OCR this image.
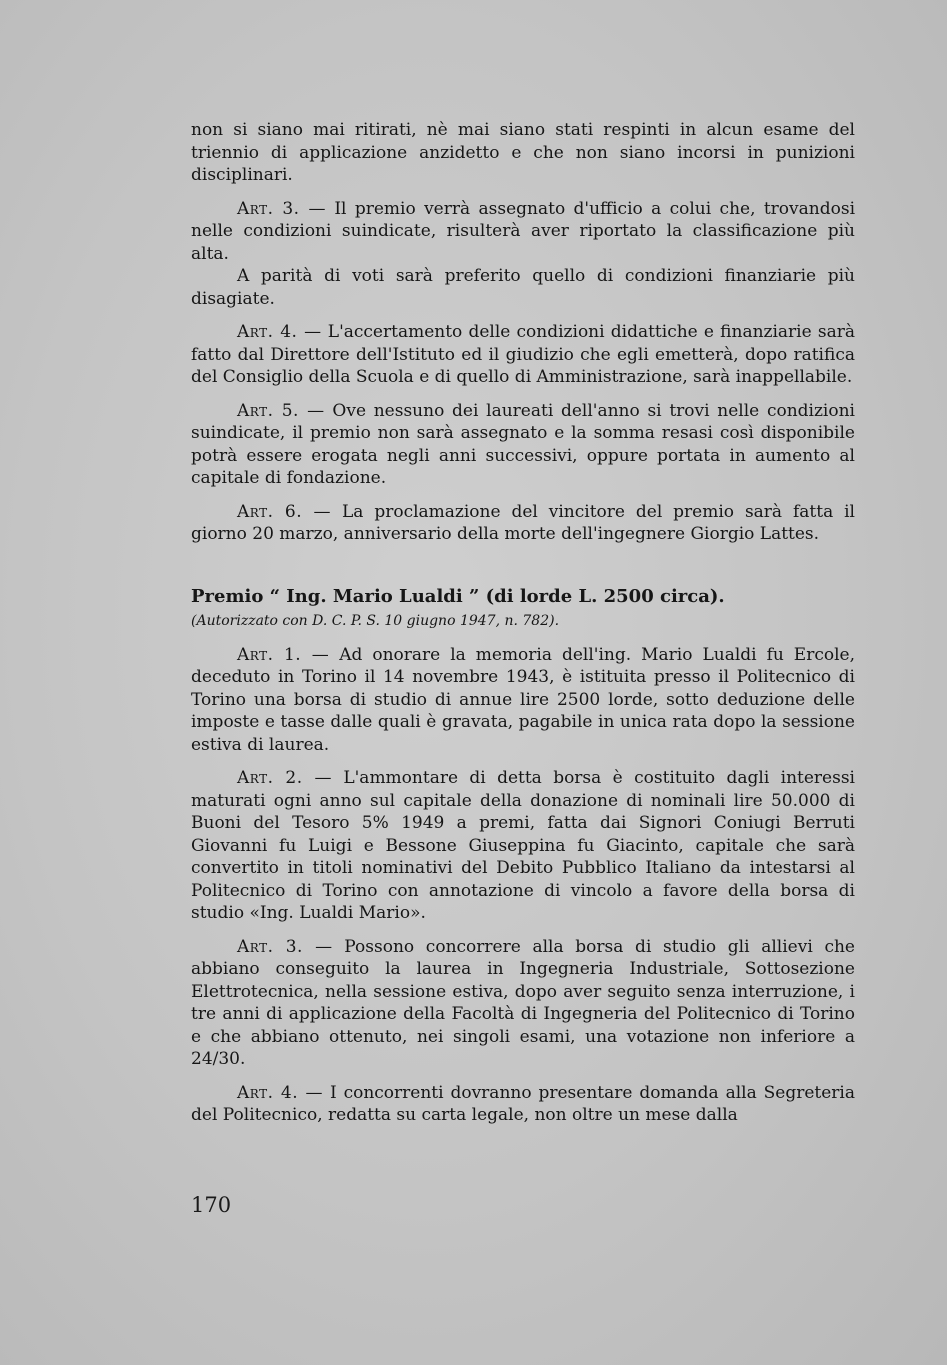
non si siano mai ritirati, nè mai siano stati respinti in alcun esame del triennio di applicazione anzidetto e che non siano incorsi in punizioni disciplinari.

Art. 3. — Il premio verrà assegnato d'ufficio a colui che, trovandosi nelle condizioni suindicate, risulterà aver riportato la classificazione più alta.

A parità di voti sarà preferito quello di condizioni finanziarie più disagiate.

Art. 4. — L'accertamento delle condizioni didattiche e finanziarie sarà fatto dal Direttore dell'Istituto ed il giudizio che egli emetterà, dopo ratifica del Consiglio della Scuola e di quello di Amministrazione, sarà inappellabile.

Art. 5. — Ove nessuno dei laureati dell'anno si trovi nelle condizioni suindicate, il premio non sarà assegnato e la somma resasi così disponibile potrà essere erogata negli anni successivi, oppure portata in aumento al capitale di fondazione.

Art. 6. — La proclamazione del vincitore del premio sarà fatta il giorno 20 marzo, anniversario della morte dell'ingegnere Giorgio Lattes.

Premio “ Ing. Mario Lualdi ” (di lorde L. 2500 circa).

(Autorizzato con D. C. P. S. 10 giugno 1947, n. 782).

Art. 1. — Ad onorare la memoria dell'ing. Mario Lualdi fu Ercole, deceduto in Torino il 14 novembre 1943, è istituita presso il Politecnico di Torino una borsa di studio di annue lire 2500 lorde, sotto deduzione delle imposte e tasse dalle quali è gravata, pagabile in unica rata dopo la sessione estiva di laurea.

Art. 2. — L'ammontare di detta borsa è costituito dagli interessi maturati ogni anno sul capitale della donazione di nominali lire 50.000 di Buoni del Tesoro 5% 1949 a premi, fatta dai Signori Coniugi Berruti Giovanni fu Luigi e Bessone Giuseppina fu Giacinto, capitale che sarà convertito in titoli nominativi del Debito Pubblico Italiano da intestarsi al Politecnico di Torino con annotazione di vincolo a favore della borsa di studio «Ing. Lualdi Mario».

Art. 3. — Possono concorrere alla borsa di studio gli allievi che abbiano conseguito la laurea in Ingegneria Industriale, Sottosezione Elettrotecnica, nella sessione estiva, dopo aver seguito senza interruzione, i tre anni di applicazione della Facoltà di Ingegneria del Politecnico di Torino e che abbiano ottenuto, nei singoli esami, una votazione non inferiore a 24/30.

Art. 4. — I concorrenti dovranno presentare domanda alla Segreteria del Politecnico, redatta su carta legale, non oltre un mese dalla

170
